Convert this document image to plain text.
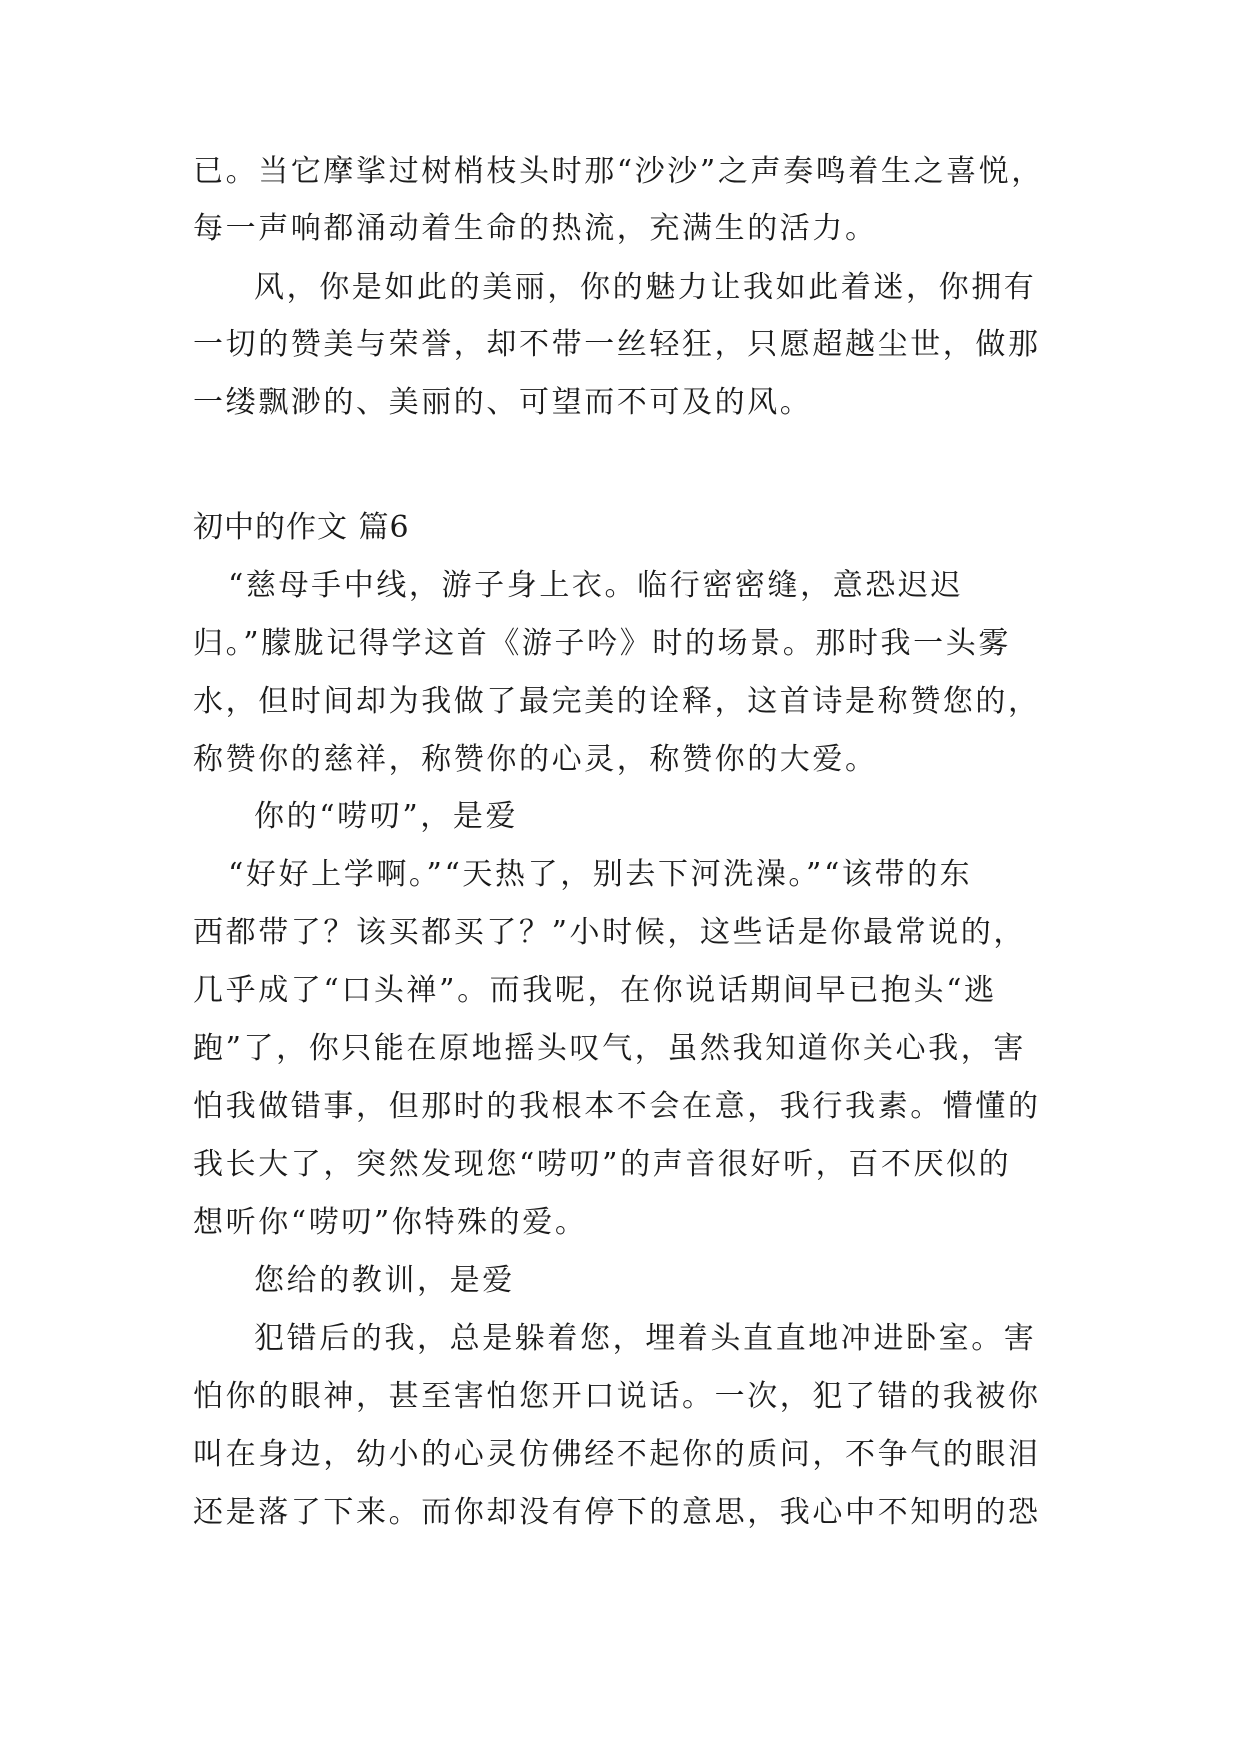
已。当它摩挲过树梢枝头时那“沙沙”之声奏鸣着生之喜悦，
每一声响都涌动着生命的热流，充满生的活力。
风，你是如此的美丽，你的魅力让我如此着迷，你拥有
一切的赞美与荣誉，却不带一丝轻狂，只愿超越尘世，做那
一缕飘渺的、美丽的、可望而不可及的风。
初中的作文 篇6
“慈母手中线，游子身上衣。临行密密缝，意恐迟迟
归。”朦胧记得学这首《游子吟》时的场景。那时我一头雾
水，但时间却为我做了最完美的诠释，这首诗是称赞您的，
称赞你的慈祥，称赞你的心灵，称赞你的大爱。
你的“唠叨”，是爱
“好好上学啊。”“天热了，别去下河洗澡。”“该带的东
西都带了？该买都买了？”小时候，这些话是你最常说的，
几乎成了“口头禅”。而我呢，在你说话期间早已抱头“逃
跑”了，你只能在原地摇头叹气，虽然我知道你关心我，害
怕我做错事，但那时的我根本不会在意，我行我素。懵懂的
我长大了，突然发现您“唠叨”的声音很好听，百不厌似的
想听你“唠叨”你特殊的爱。
您给的教训，是爱
犯错后的我，总是躲着您，埋着头直直地冲进卧室。害
怕你的眼神，甚至害怕您开口说话。一次，犯了错的我被你
叫在身边，幼小的心灵仿佛经不起你的质问，不争气的眼泪
还是落了下来。而你却没有停下的意思，我心中不知明的恐
